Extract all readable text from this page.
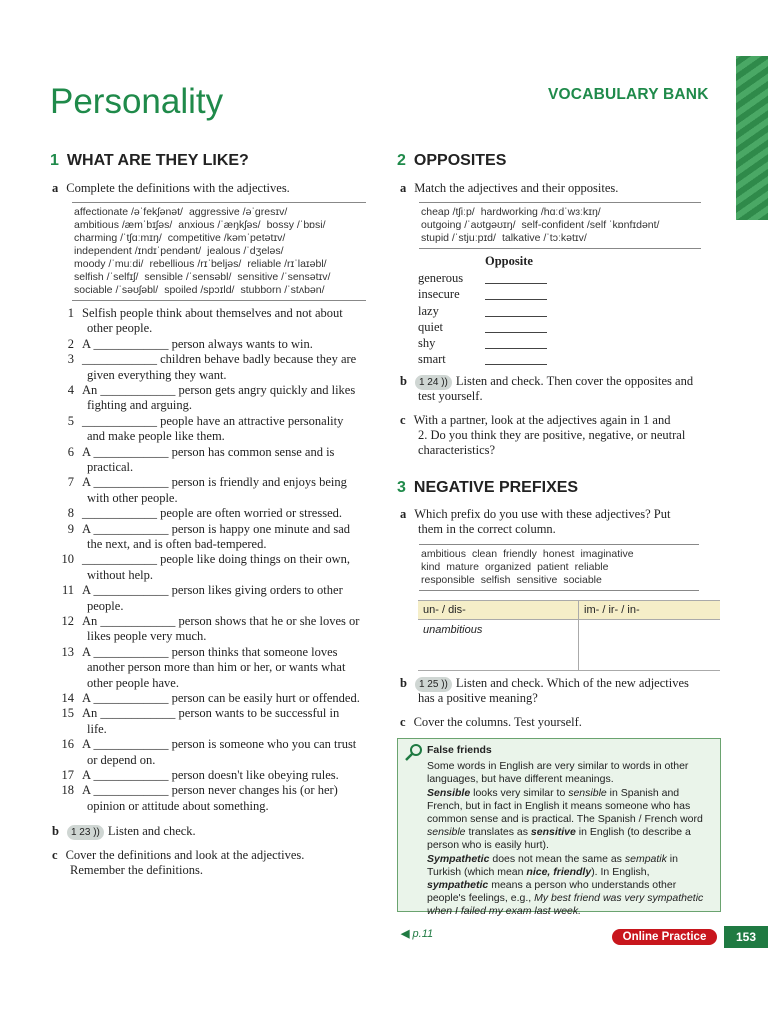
Personality	VOCABULARY BANK
1 WHAT ARE THEY LIKE?
a Complete the definitions with the adjectives.
affectionate /əˈfekʃənət/ aggressive /əˈɡresɪv/
ambitious /æmˈbɪʃəs/ anxious /ˈæŋkʃəs/ bossy /ˈbɒsi/
charming /ˈtʃɑːmɪŋ/ competitive /kəmˈpetətɪv/
independent /ɪndɪˈpendənt/ jealous /ˈdʒeləs/
moody /ˈmuːdi/ rebellious /rɪˈbeljəs/ reliable /rɪˈlaɪəbl/
selfish /ˈselfɪʃ/ sensible /ˈsensəbl/ sensitive /ˈsensətɪv/
sociable /ˈsəʊʃəbl/ spoiled /spɔɪld/ stubborn /ˈstʌbən/
1 Selfish people think about themselves and not about
other people.
2 A ____________ person always wants to win.
3 ____________ children behave badly because they are
given everything they want.
4 An ____________ person gets angry quickly and likes
fighting and arguing.
5 ____________ people have an attractive personality
and make people like them.
6 A ____________ person has common sense and is
practical.
7 A ____________ person is friendly and enjoys being
with other people.
8 ____________ people are often worried or stressed.
9 A ____________ person is happy one minute and sad
the next, and is often bad-tempered.
10 ____________ people like doing things on their own,
without help.
11 A ____________ person likes giving orders to other
people.
12 An ____________ person shows that he or she loves or
likes people very much.
13 A ____________ person thinks that someone loves
another person more than him or her, or wants what
other people have.
14 A ____________ person can be easily hurt or offended.
15 An ____________ person wants to be successful in
life.
16 A ____________ person is someone who you can trust
or depend on.
17 A ____________ person doesn't like obeying rules.
18 A ____________ person never changes his (or her)
opinion or attitude about something.
b 1 23 )) Listen and check.
c Cover the definitions and look at the adjectives.
Remember the definitions.
2 OPPOSITES
a Match the adjectives and their opposites.
cheap /tʃiːp/ hardworking /hɑːdˈwɜːkɪŋ/
outgoing /ˈaʊtɡəʊɪŋ/ self-confident /self ˈkɒnfɪdənt/
stupid /ˈstjuːpɪd/ talkative /ˈtɔːkətɪv/
Opposite
generous
insecure
lazy
quiet
shy
smart
b 1 24 )) Listen and check. Then cover the opposites and
test yourself.
c With a partner, look at the adjectives again in 1 and
2. Do you think they are positive, negative, or neutral
characteristics?
3 NEGATIVE PREFIXES
a Which prefix do you use with these adjectives? Put
them in the correct column.
ambitious clean friendly honest imaginative
kind mature organized patient reliable
responsible selfish sensitive sociable
un- / dis-	im- / ir- / in-
unambitious	
b 1 25 )) Listen and check. Which of the new adjectives
has a positive meaning?
c Cover the columns. Test yourself.

False friends

Some words in English are very similar to words in other languages, but have different meanings.

Sensible looks very similar to sensible in Spanish and French, but in fact in English it means someone who has common sense and is practical. The Spanish / French word sensible translates as sensitive in English (to describe a person who is easily hurt).

Sympathetic does not mean the same as sempatik in Turkish (which mean nice, friendly). In English, sympathetic means a person who understands other people's feelings, e.g., My best friend was very sympathetic when I failed my exam last week.

◀ p.11	Online Practice	153
